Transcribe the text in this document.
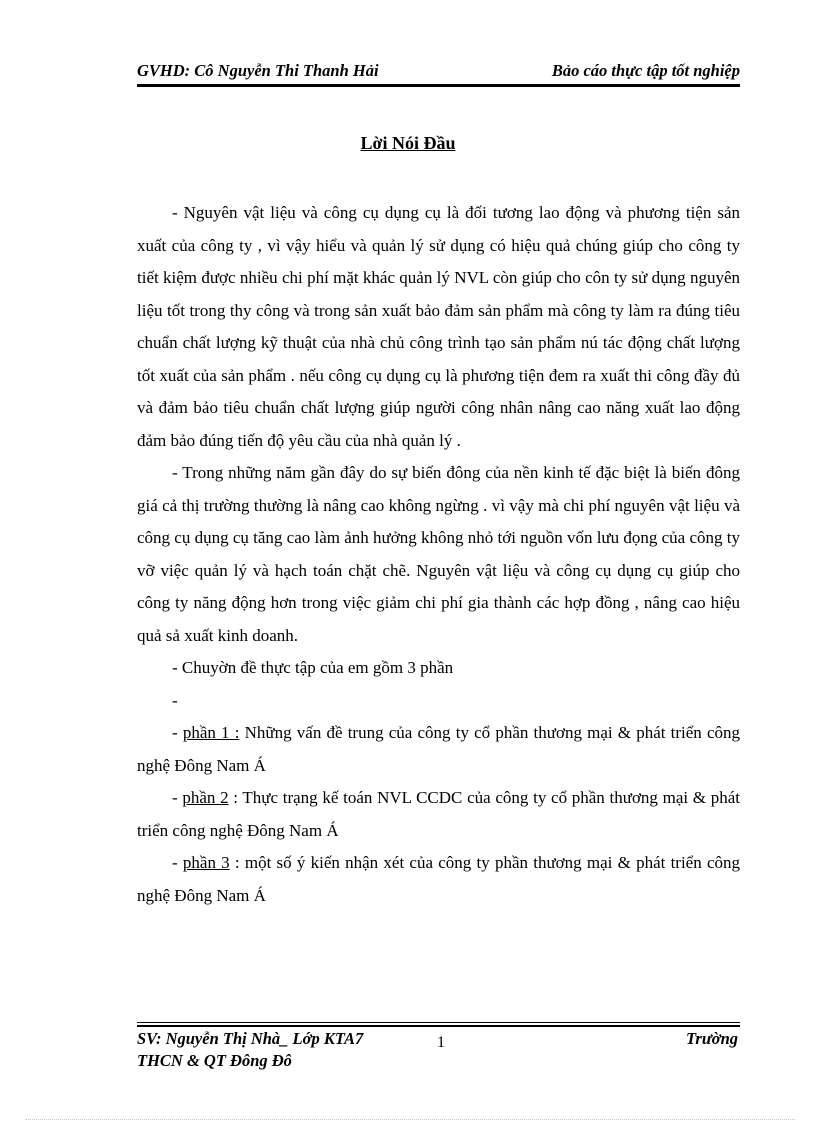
GVHD: Cô Nguyễn Thi Thanh Hải	Bảo cáo thực tập tốt nghiệp
Lời Nói Đầu

- Nguyên vật liệu và công cụ dụng cụ là đối tương lao động và phương tiện sản xuất của công ty , vì vậy hiểu và quản lý sử dụng có hiệu quả chúng giúp cho công ty tiết kiệm được nhiều chi phí mặt khác quản lý NVL còn giúp cho côn ty sử dụng nguyên liệu tốt trong thy công và trong sản xuất bảo đảm sản phẩm mà công ty làm ra đúng tiêu chuẩn chất lượng kỹ thuật của nhà chủ công trình tạo sản phẩm nú tác động chất lượng tốt xuất của sản phẩm . nếu công cụ dụng cụ là phương tiện đem ra xuất thi công đầy đủ và đảm bảo tiêu chuẩn chất lượng giúp người công nhân nâng cao năng xuất lao động đảm bảo đúng tiến độ yêu cầu của nhà quản lý .

- Trong những năm gần đây do sự biến đông của nền kinh tế đặc biệt là biến đông giá cả thị trường thường là nâng cao không ngừng . vì vậy mà chi phí nguyên vật liệu và công cụ dụng cụ tăng cao làm ảnh hưởng không nhỏ tới nguồn vốn lưu đọng của công ty vỡ việc quản lý và hạch toán chặt chẽ. Nguyên vật liệu và công cụ dụng cụ giúp cho công ty năng động hơn trong việc giảm chi phí gia thành các hợp đồng , nâng cao hiệu quả sả xuất kinh doanh.

- Chuyờn đề thực tập của em gồm 3 phần

-

- phần 1 : Những vấn đề trung của công ty cổ phần thương mại & phát triển công nghệ Đông Nam Á

- phần 2 : Thực trạng kế toán NVL CCDC của công ty cổ phần thương mại & phát triển công nghệ Đông Nam Á

- phần 3 : một số ý kiến nhận xét của công ty phần thương mại & phát triển công nghệ Đông Nam Á

SV: Nguyễn Thị Nhà_ Lớp KTA7	1	Trường
THCN & QT Đông Đô
